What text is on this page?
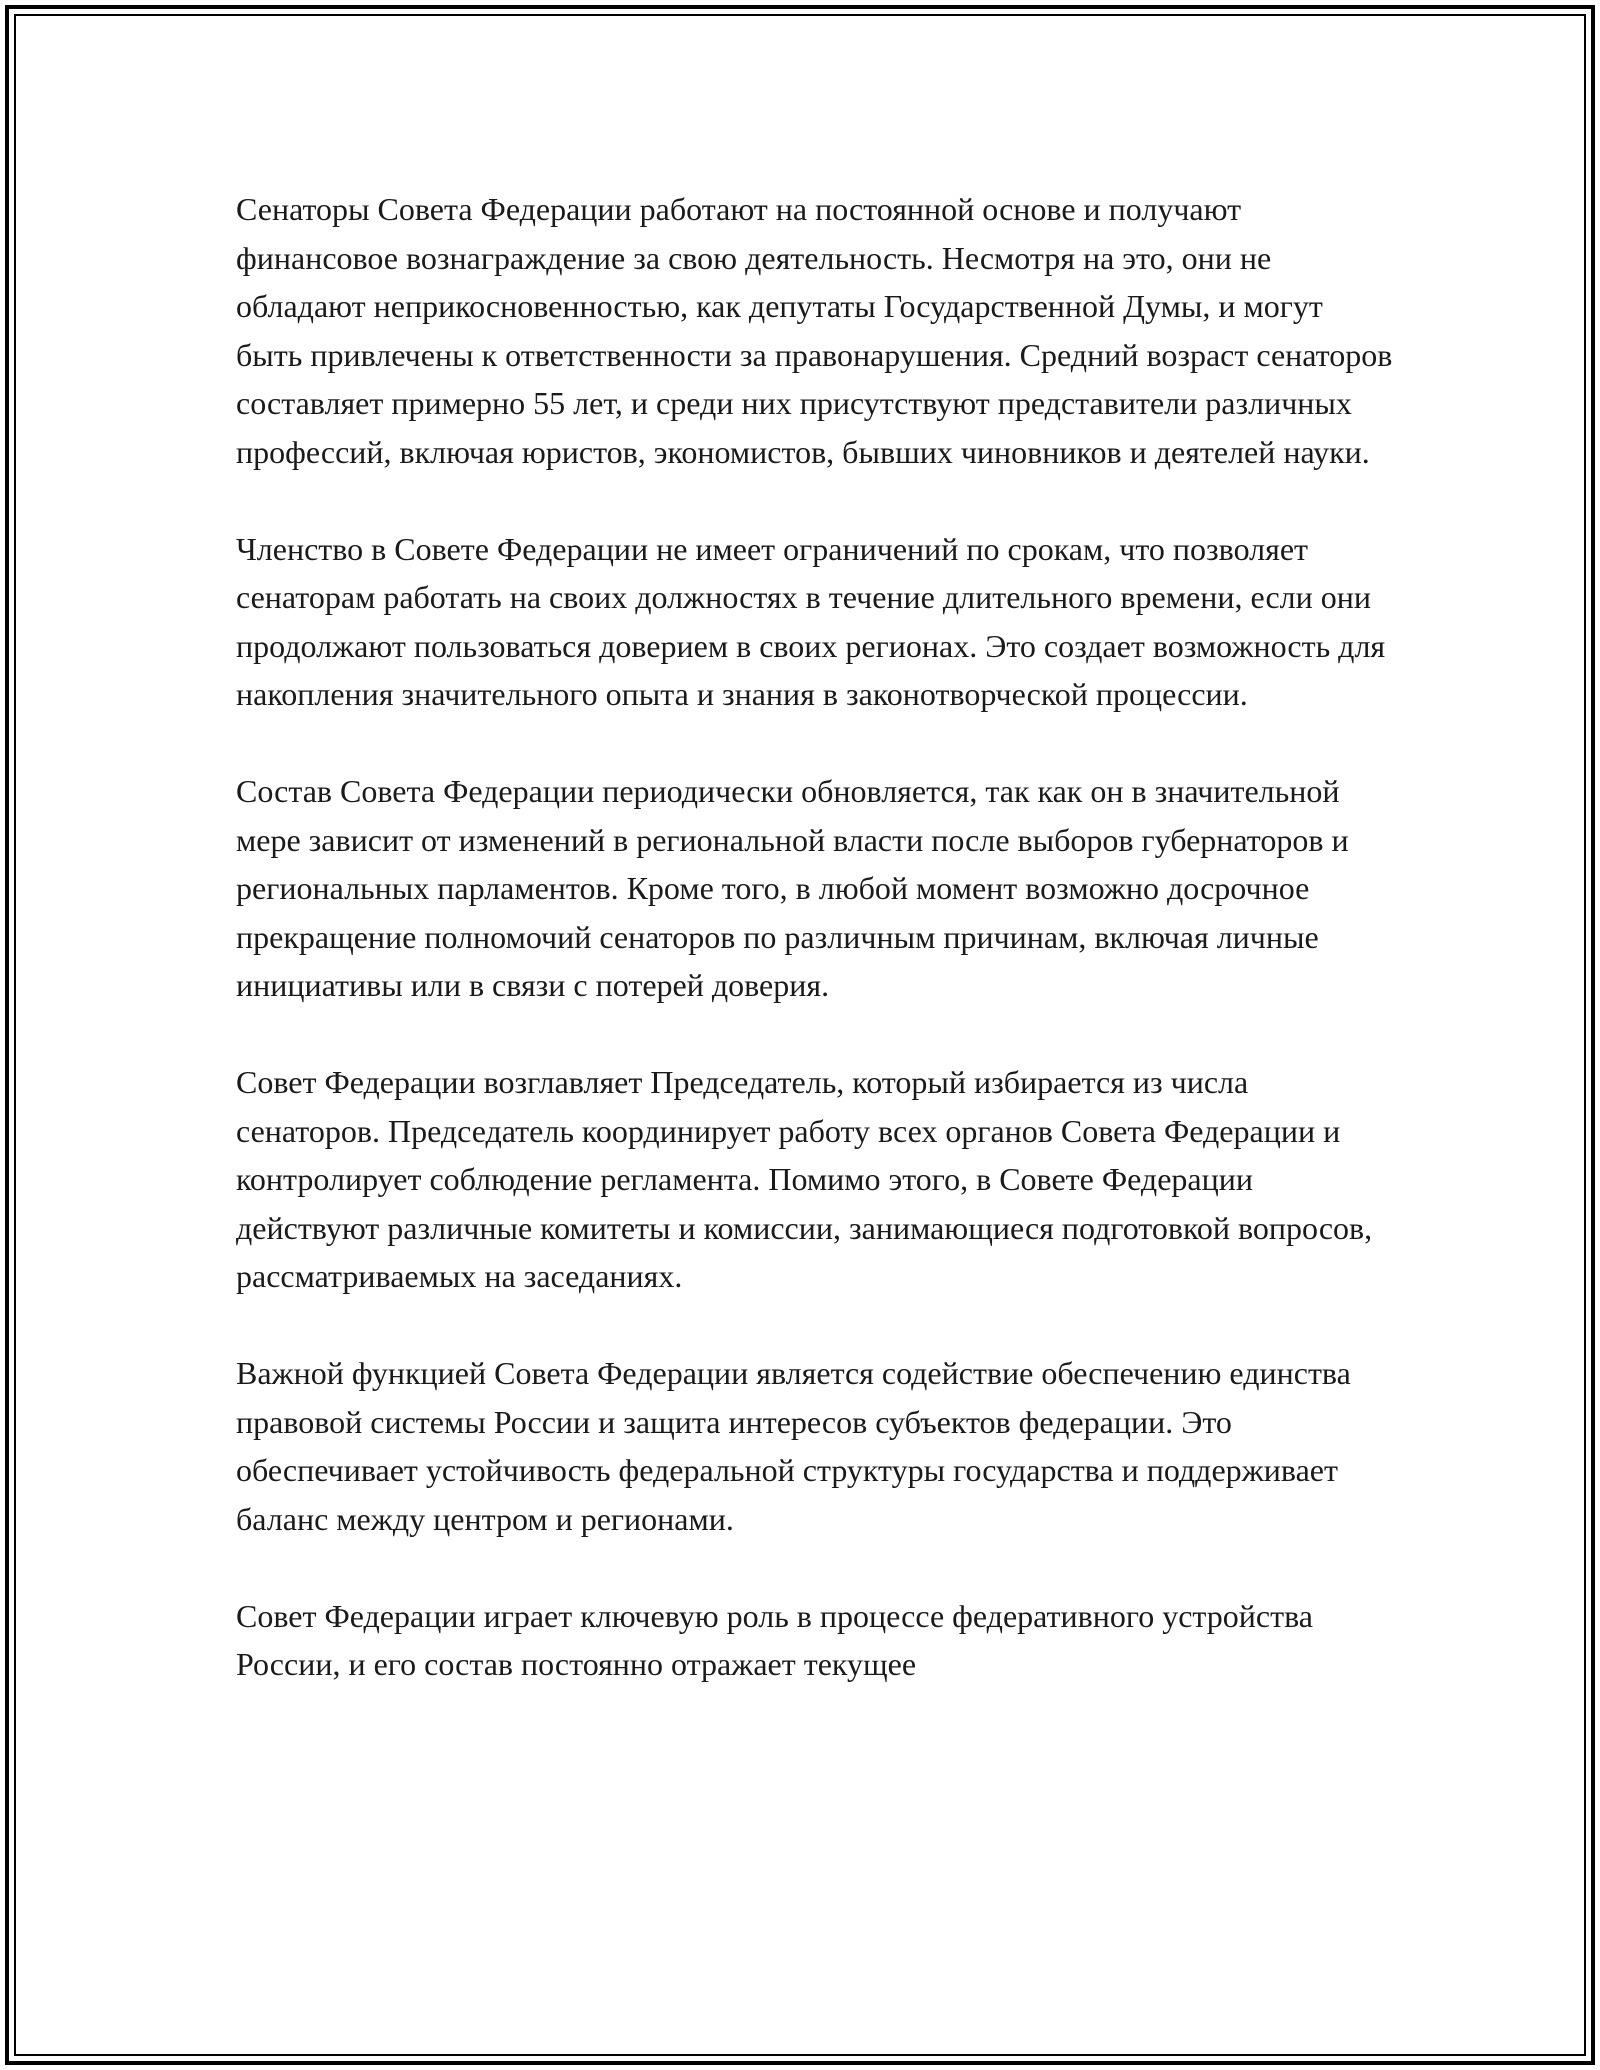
Сенаторы Совета Федерации работают на постоянной основе и получают финансовое вознаграждение за свою деятельность. Несмотря на это, они не обладают неприкосновенностью, как депутаты Государственной Думы, и могут быть привлечены к ответственности за правонарушения. Средний возраст сенаторов составляет примерно 55 лет, и среди них присутствуют представители различных профессий, включая юристов, экономистов, бывших чиновников и деятелей науки.

Членство в Совете Федерации не имеет ограничений по срокам, что позволяет сенаторам работать на своих должностях в течение длительного времени, если они продолжают пользоваться доверием в своих регионах. Это создает возможность для накопления значительного опыта и знания в законотворческой процессии.

Состав Совета Федерации периодически обновляется, так как он в значительной мере зависит от изменений в региональной власти после выборов губернаторов и региональных парламентов. Кроме того, в любой момент возможно досрочное прекращение полномочий сенаторов по различным причинам, включая личные инициативы или в связи с потерей доверия.

Совет Федерации возглавляет Председатель, который избирается из числа сенаторов. Председатель координирует работу всех органов Совета Федерации и контролирует соблюдение регламента. Помимо этого, в Совете Федерации действуют различные комитеты и комиссии, занимающиеся подготовкой вопросов, рассматриваемых на заседаниях.

Важной функцией Совета Федерации является содействие обеспечению единства правовой системы России и защита интересов субъектов федерации. Это обеспечивает устойчивость федеральной структуры государства и поддерживает баланс между центром и регионами.

Совет Федерации играет ключевую роль в процессе федеративного устройства России, и его состав постоянно отражает текущее
